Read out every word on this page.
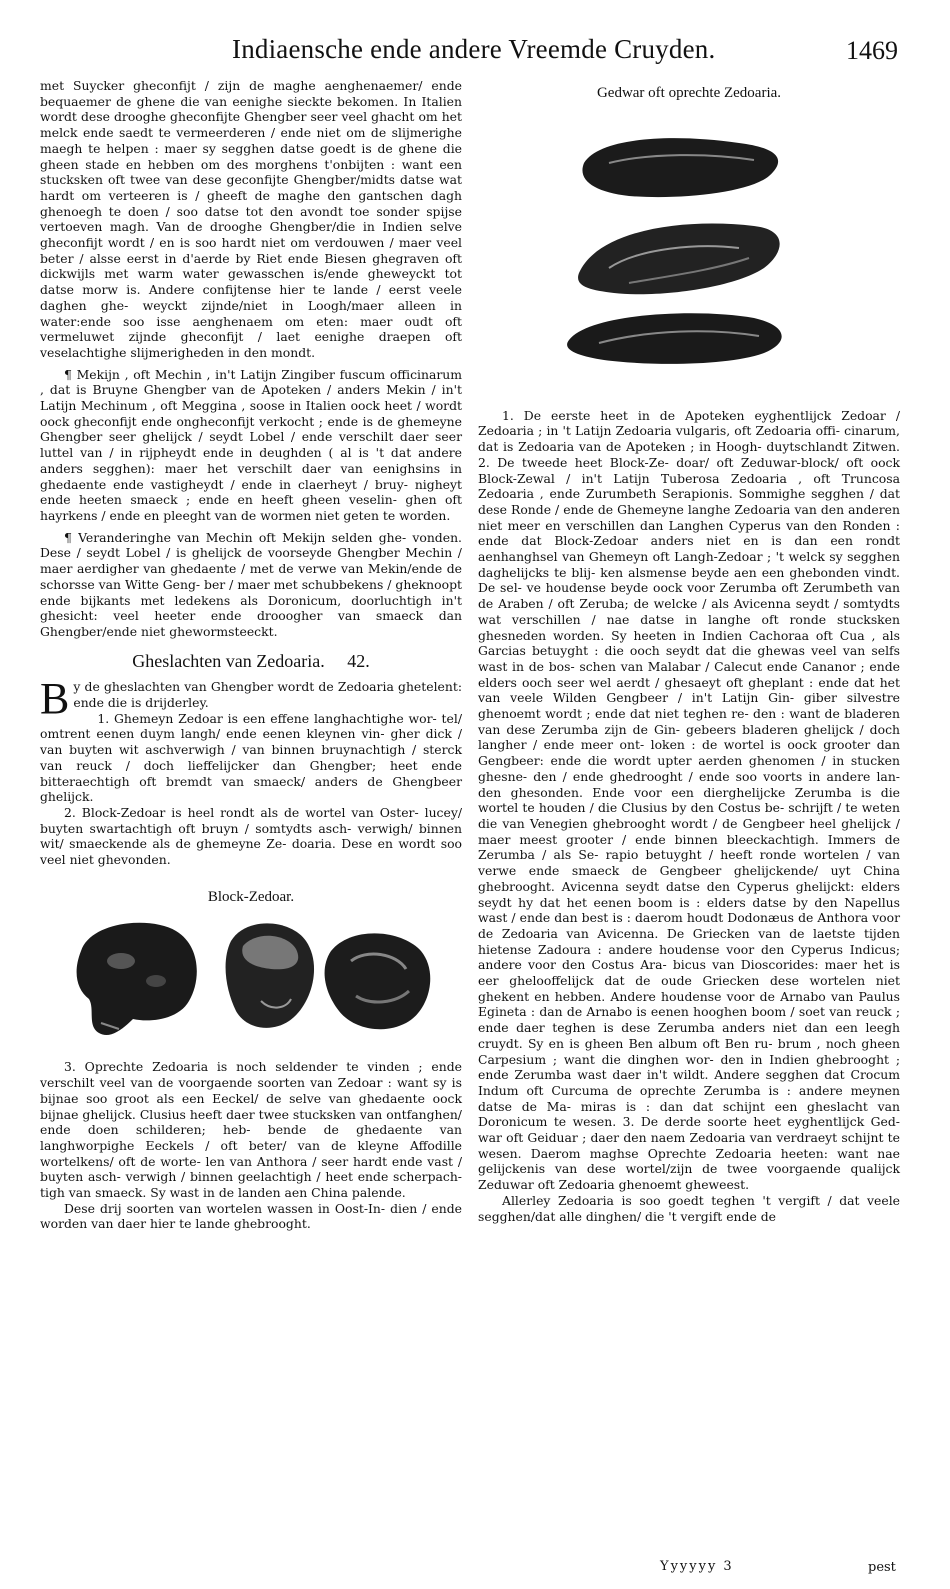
Indiaensche ende andere Vreemde Cruyden.	1469

met Suycker gheconfijt / zijn de maghe aenghenaemer/ ende bequaemer de ghene die van eenighe sieckte bekomen. In Italien wordt dese drooghe gheconfijte Ghengber seer veel ghacht om het melck ende saedt te vermeerderen / ende niet om de slijmerighe maegh te helpen : maer sy segghen datse goedt is de ghene die gheen stade en hebben om des morghens t'onbijten : want een stucksken oft twee van dese geconfijte Ghengber/midts datse wat hardt om verteeren is / gheeft de maghe den gantschen dagh ghenoegh te doen / soo datse tot den avondt toe sonder spijse vertoeven magh. Van de drooghe Ghengber/die in Indien selve gheconfijt wordt / en is soo hardt niet om verdouwen / maer veel beter / alsse eerst in d'aerde by Riet ende Biesen ghegraven oft dickwijls met warm water gewasschen is/ende gheweyckt tot datse morw is. Andere confijtense hier te lande / eerst veele daghen ghe- weyckt zijnde/niet in Loogh/maer alleen in water:ende soo isse aenghenaem om eten: maer oudt oft vermeluwet zijnde gheconfijt / laet eenighe draepen oft veselachtighe slijmerigheden in den mondt.

¶ Mekijn , oft Mechin , in't Latijn Zingiber fuscum officinarum , dat is Bruyne Ghengber van de Apoteken / anders Mekin / in't Latijn Mechinum , oft Meggina , soose in Italien oock heet / wordt oock gheconfijt ende ongheconfijt verkocht ; ende is de ghemeyne Ghengber seer ghelijck / seydt Lobel / ende verschilt daer seer luttel van / in rijpheydt ende in deughden ( al is 't dat andere anders segghen): maer het verschilt daer van eenighsins in ghedaente ende vastigheydt / ende in claerheyt / bruy- nigheyt ende heeten smaeck ; ende en heeft gheen veselin- ghen oft hayrkens / ende en pleeght van de wormen niet geten te worden.

¶ Veranderinghe van Mechin oft Mekijn selden ghe- vonden. Dese / seydt Lobel / is ghelijck de voorseyde Ghengber Mechin / maer aerdigher van ghedaente / met de verwe van Mekin/ende de schorsse van Witte Geng- ber / maer met schubbekens / gheknoopt ende bijkants met ledekens als Doronicum, doorluchtigh in't ghesicht: veel heeter ende drooogher van smaeck dan Ghengber/ende niet ghewormsteeckt.

Gheslachten van Zedoaria. 42.

By de gheslachten van Ghengber wordt de Zedoaria ghetelent: ende die is drijderley.

1. Ghemeyn Zedoar is een effene langhachtighe wor- tel/ omtrent eenen duym langh/ ende eenen kleynen vin- gher dick / van buyten wit aschverwigh / van binnen bruynachtigh / sterck van reuck / doch lieffelijcker dan Ghengber; heet ende bitteraechtigh oft bremdt van smaeck/ anders de Ghengbeer ghelijck.

2. Block-Zedoar is heel rondt als de wortel van Oster- lucey/ buyten swartachtigh oft bruyn / somtydts asch- verwigh/ binnen wit/ smaeckende als de ghemeyne Ze- doaria. Dese en wordt soo veel niet ghevonden.

Block-Zedoar.

3. Oprechte Zedoaria is noch seldender te vinden ; ende verschilt veel van de voorgaende soorten van Zedoar : want sy is bijnae soo groot als een Eeckel/ de selve van ghedaente oock bijnae ghelijck. Clusius heeft daer twee stucksken van ontfanghen/ ende doen schilderen; heb- bende de ghedaente van langhworpighe Eeckels / oft beter/ van de kleyne Affodille wortelkens/ oft de worte- len van Anthora / seer hardt ende vast / buyten asch- verwigh / binnen geelachtigh / heet ende scherpach- tigh van smaeck. Sy wast in de landen aen China palende.

Dese drij soorten van wortelen wassen in Oost-In- dien / ende worden van daer hier te lande ghebrooght.

Gedwar oft oprechte Zedoaria.

1. De eerste heet in de Apoteken eyghentlijck Zedoar / Zedoaria ; in 't Latijn Zedoaria vulgaris, oft Zedoaria offi- cinarum, dat is Zedoaria van de Apoteken ; in Hoogh- duytschlandt Zitwen. 2. De tweede heet Block-Ze- doar/ oft Zeduwar-block/ oft oock Block-Zewal / in't Latijn Tuberosa Zedoaria , oft Truncosa Zedoaria , ende Zurumbeth Serapionis. Sommighe segghen / dat dese Ronde / ende de Ghemeyne langhe Zedoaria van den anderen niet meer en verschillen dan Langhen Cyperus van den Ronden : ende dat Block-Zedoar anders niet en is dan een rondt aenhanghsel van Ghemeyn oft Langh-Zedoar ; 't welck sy segghen daghelijcks te blij- ken alsmense beyde aen een ghebonden vindt. De sel- ve houdense beyde oock voor Zerumba oft Zerumbeth van de Araben / oft Zeruba; de welcke / als Avicenna seydt / somtydts wat verschillen / nae datse in langhe oft ronde stucksken ghesneden worden. Sy heeten in Indien Cachoraa oft Cua , als Garcias betuyght : die ooch seydt dat die ghewas veel van selfs wast in de bos- schen van Malabar / Calecut ende Cananor ; ende elders ooch seer wel aerdt / ghesaeyt oft gheplant : ende dat het van veele Wilden Gengbeer / in't Latijn Gin- giber silvestre ghenoemt wordt ; ende dat niet teghen re- den : want de bladeren van dese Zerumba zijn de Gin- gebeers bladeren ghelijck / doch langher / ende meer ont- loken : de wortel is oock grooter dan Gengbeer: ende die wordt upter aerden ghenomen / in stucken ghesne- den / ende ghedrooght / ende soo voorts in andere lan- den ghesonden. Ende voor een dierghelijcke Zerumba is die wortel te houden / die Clusius by den Costus be- schrijft / te weten die van Venegien ghebrooght wordt / de Gengbeer heel ghelijck / maer meest grooter / ende binnen bleeckachtigh. Immers de Zerumba / als Se- rapio betuyght / heeft ronde wortelen / van verwe ende smaeck de Gengbeer ghelijckende/ uyt China ghebrooght. Avicenna seydt datse den Cyperus ghelijckt: elders seydt hy dat het eenen boom is : elders datse by den Napellus wast / ende dan best is : daerom houdt Dodonæus de Anthora voor de Zedoaria van Avicenna. De Griecken van de laetste tijden hietense Zadoura : andere houdense voor den Cyperus Indicus; andere voor den Costus Ara- bicus van Dioscorides: maer het is eer ghelooffelijck dat de oude Griecken dese wortelen niet ghekent en hebben. Andere houdense voor de Arnabo van Paulus Egineta : dan de Arnabo is eenen hooghen boom / soet van reuck ; ende daer teghen is dese Zerumba anders niet dan een leegh cruydt. Sy en is gheen Ben album oft Ben ru- brum , noch gheen Carpesium ; want die dinghen wor- den in Indien ghebrooght ; ende Zerumba wast daer in't wildt. Andere segghen dat Crocum Indum oft Curcuma de oprechte Zerumba is : andere meynen datse de Ma- miras is : dan dat schijnt een gheslacht van Doronicum te wesen. 3. De derde soorte heet eyghentlijck Ged- war oft Geiduar ; daer den naem Zedoaria van verdraeyt schijnt te wesen. Daerom maghse Oprechte Zedoaria heeten: want nae gelijckenis van dese wortel/zijn de twee voorgaende qualijck Zeduwar oft Zedoaria ghenoemt gheweest.

Allerley Zedoaria is soo goedt teghen 't vergift / dat veele segghen/dat alle dinghen/ die 't vergift ende de

Yyyyyy 3	pest
